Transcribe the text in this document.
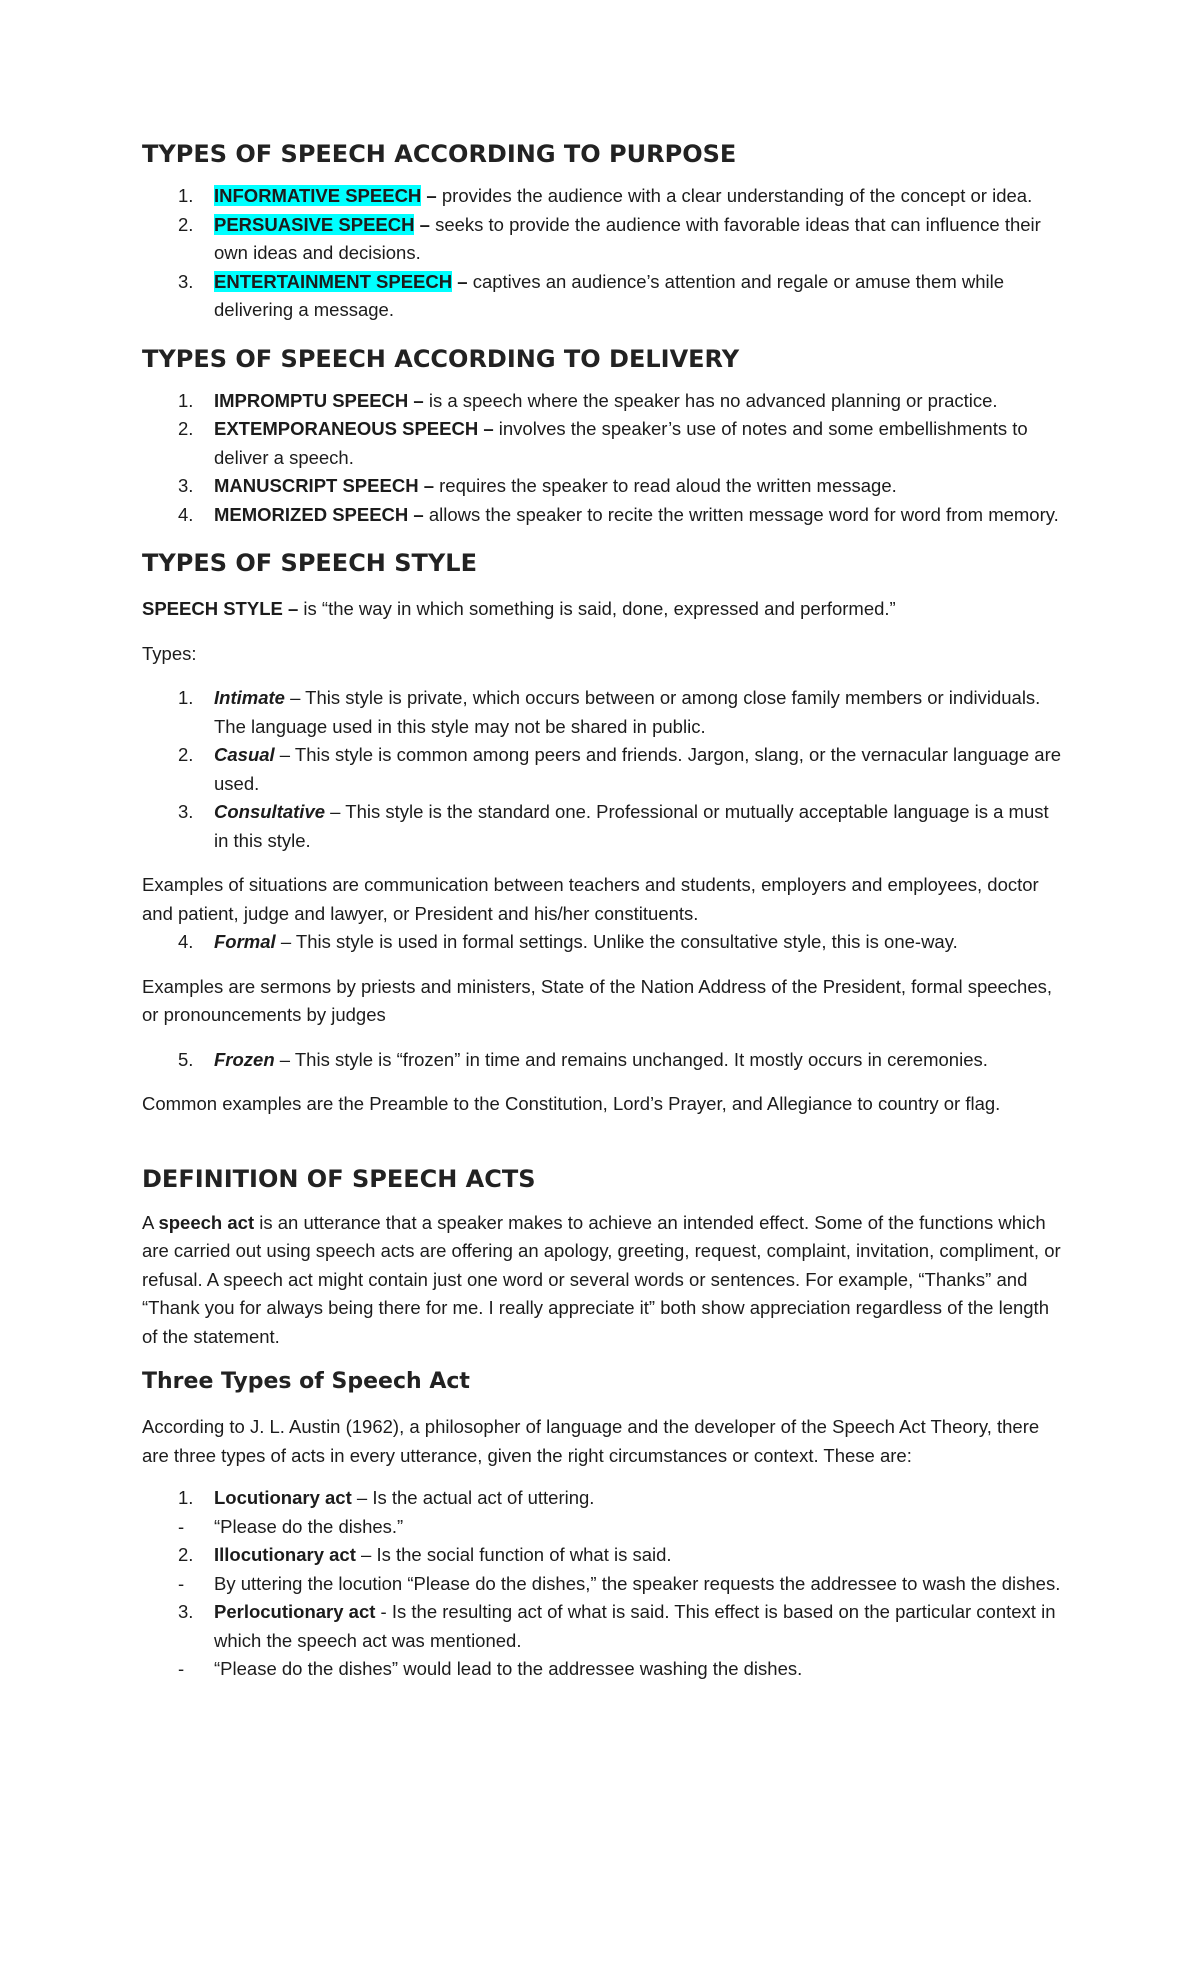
TYPES OF SPEECH ACCORDING TO PURPOSE
1. INFORMATIVE SPEECH – provides the audience with a clear understanding of the concept or idea.
2. PERSUASIVE SPEECH – seeks to provide the audience with favorable ideas that can influence their own ideas and decisions.
3. ENTERTAINMENT SPEECH – captives an audience’s attention and regale or amuse them while delivering a message.
TYPES OF SPEECH ACCORDING TO DELIVERY
1. IMPROMPTU SPEECH – is a speech where the speaker has no advanced planning or practice.
2. EXTEMPORANEOUS SPEECH – involves the speaker’s use of notes and some embellishments to deliver a speech.
3. MANUSCRIPT SPEECH – requires the speaker to read aloud the written message.
4. MEMORIZED SPEECH – allows the speaker to recite the written message word for word from memory.
TYPES OF SPEECH STYLE

SPEECH STYLE – is “the way in which something is said, done, expressed and performed.”

Types:

1. Intimate – This style is private, which occurs between or among close family members or individuals. The language used in this style may not be shared in public.
2. Casual – This style is common among peers and friends. Jargon, slang, or the vernacular language are used.
3. Consultative – This style is the standard one. Professional or mutually acceptable language is a must in this style.

Examples of situations are communication between teachers and students, employers and employees, doctor and patient, judge and lawyer, or President and his/her constituents.

4. Formal – This style is used in formal settings. Unlike the consultative style, this is one-way.

Examples are sermons by priests and ministers, State of the Nation Address of the President, formal speeches, or pronouncements by judges

5. Frozen – This style is “frozen” in time and remains unchanged. It mostly occurs in ceremonies.

Common examples are the Preamble to the Constitution, Lord’s Prayer, and Allegiance to country or flag.

DEFINITION OF SPEECH ACTS

A speech act is an utterance that a speaker makes to achieve an intended effect. Some of the functions which are carried out using speech acts are offering an apology, greeting, request, complaint, invitation, compliment, or refusal. A speech act might contain just one word or several words or sentences. For example, “Thanks” and “Thank you for always being there for me. I really appreciate it” both show appreciation regardless of the length of the statement.

Three Types of Speech Act

According to J. L. Austin (1962), a philosopher of language and the developer of the Speech Act Theory, there are three types of acts in every utterance, given the right circumstances or context. These are:

1. Locutionary act – Is the actual act of uttering.
- “Please do the dishes.”
2. Illocutionary act – Is the social function of what is said.
- By uttering the locution “Please do the dishes,” the speaker requests the addressee to wash the dishes.
3. Perlocutionary act - Is the resulting act of what is said. This effect is based on the particular context in which the speech act was mentioned.
- “Please do the dishes” would lead to the addressee washing the dishes.
